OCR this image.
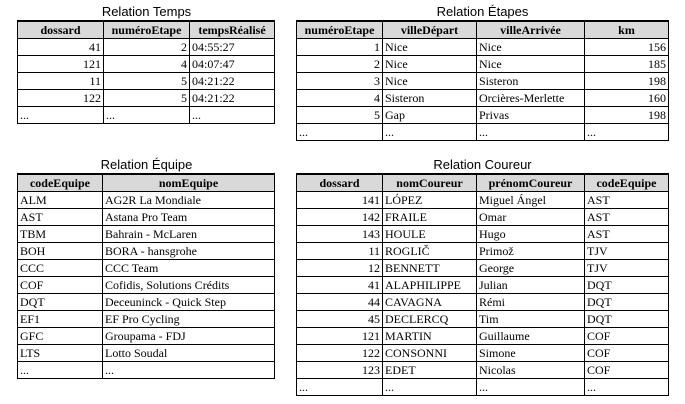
Relation Temps
dossard	numéroEtape	tempsRéalisé
41	2	04:55:27
121	4	04:07:47
11	5	04:21:22
122	5	04:21:22
...	...	...
Relation Étapes
numéroEtape	villeDépart	villeArrivée	km
1	Nice	Nice	156
2	Nice	Nice	185
3	Nice	Sisteron	198
4	Sisteron	Orcières-Merlette	160
5	Gap	Privas	198
...	...	...	...
Relation Équipe
codeEquipe	nomEquipe
ALM	AG2R La Mondiale
AST	Astana Pro Team
TBM	Bahrain - McLaren
BOH	BORA - hansgrohe
CCC	CCC Team
COF	Cofidis, Solutions Crédits
DQT	Deceuninck - Quick Step
EF1	EF Pro Cycling
GFC	Groupama - FDJ
LTS	Lotto Soudal
...	...
Relation Coureur
dossard	nomCoureur	prénomCoureur	codeEquipe
141	LÓPEZ	Miguel Ángel	AST
142	FRAILE	Omar	AST
143	HOULE	Hugo	AST
11	ROGLIČ	Primož	TJV
12	BENNETT	George	TJV
41	ALAPHILIPPE	Julian	DQT
44	CAVAGNA	Rémi	DQT
45	DECLERCQ	Tim	DQT
121	MARTIN	Guillaume	COF
122	CONSONNI	Simone	COF
123	EDET	Nicolas	COF
...	...	...	...
